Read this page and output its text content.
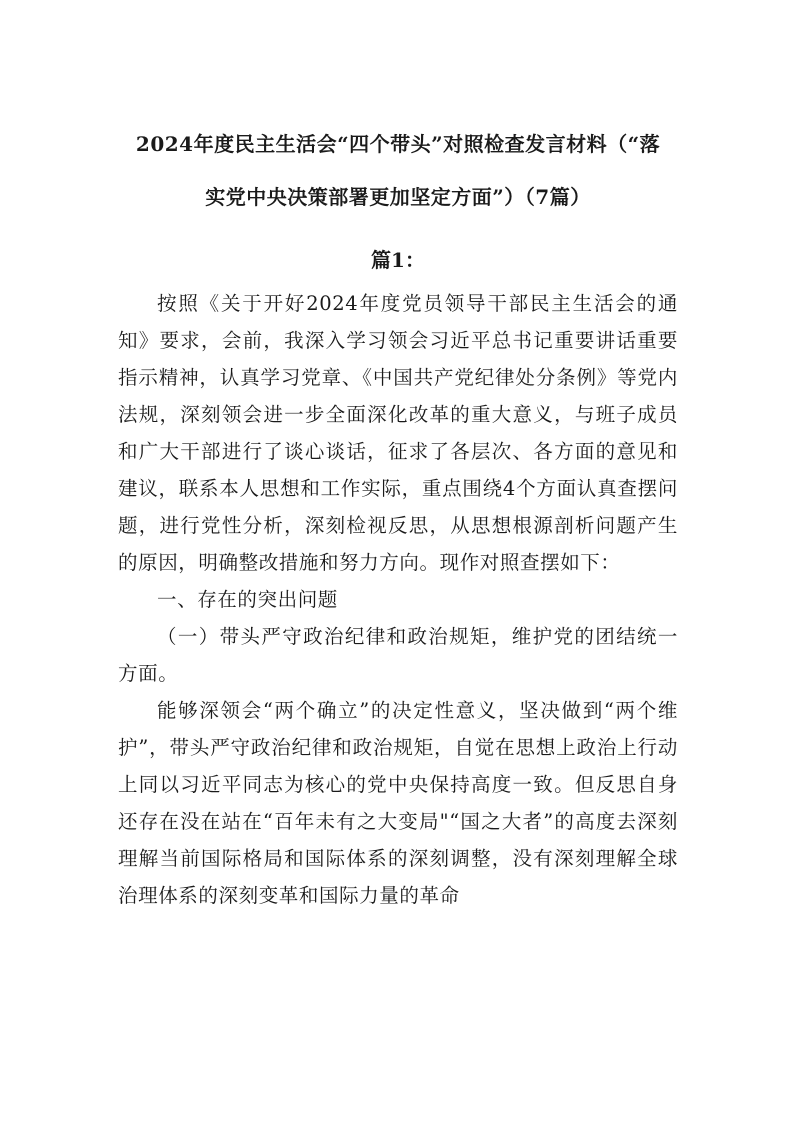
2024年度民主生活会“四个带头”对照检查发言材料（“落
实党中央决策部署更加坚定方面”）（7篇）
篇1：

按照《关于开好2024年度党员领导干部民主生活会的通知》要求，会前，我深入学习领会习近平总书记重要讲话重要指示精神，认真学习党章、《中国共产党纪律处分条例》等党内法规，深刻领会进一步全面深化改革的重大意义，与班子成员和广大干部进行了谈心谈话，征求了各层次、各方面的意见和建议，联系本人思想和工作实际，重点围绕4个方面认真查摆问题，进行党性分析，深刻检视反思，从思想根源剖析问题产生的原因，明确整改措施和努力方向。现作对照查摆如下：

一、存在的突出问题

（一）带头严守政治纪律和政治规矩，维护党的团结统一方面。

能够深领会“两个确立”的决定性意义，坚决做到“两个维护”，带头严守政治纪律和政治规矩，自觉在思想上政治上行动上同以习近平同志为核心的党中央保持高度一致。但反思自身还存在没在站在“百年未有之大变局"“国之大者”的高度去深刻理解当前国际格局和国际体系的深刻调整，没有深刻理解全球治理体系的深刻变革和国际力量的革命
